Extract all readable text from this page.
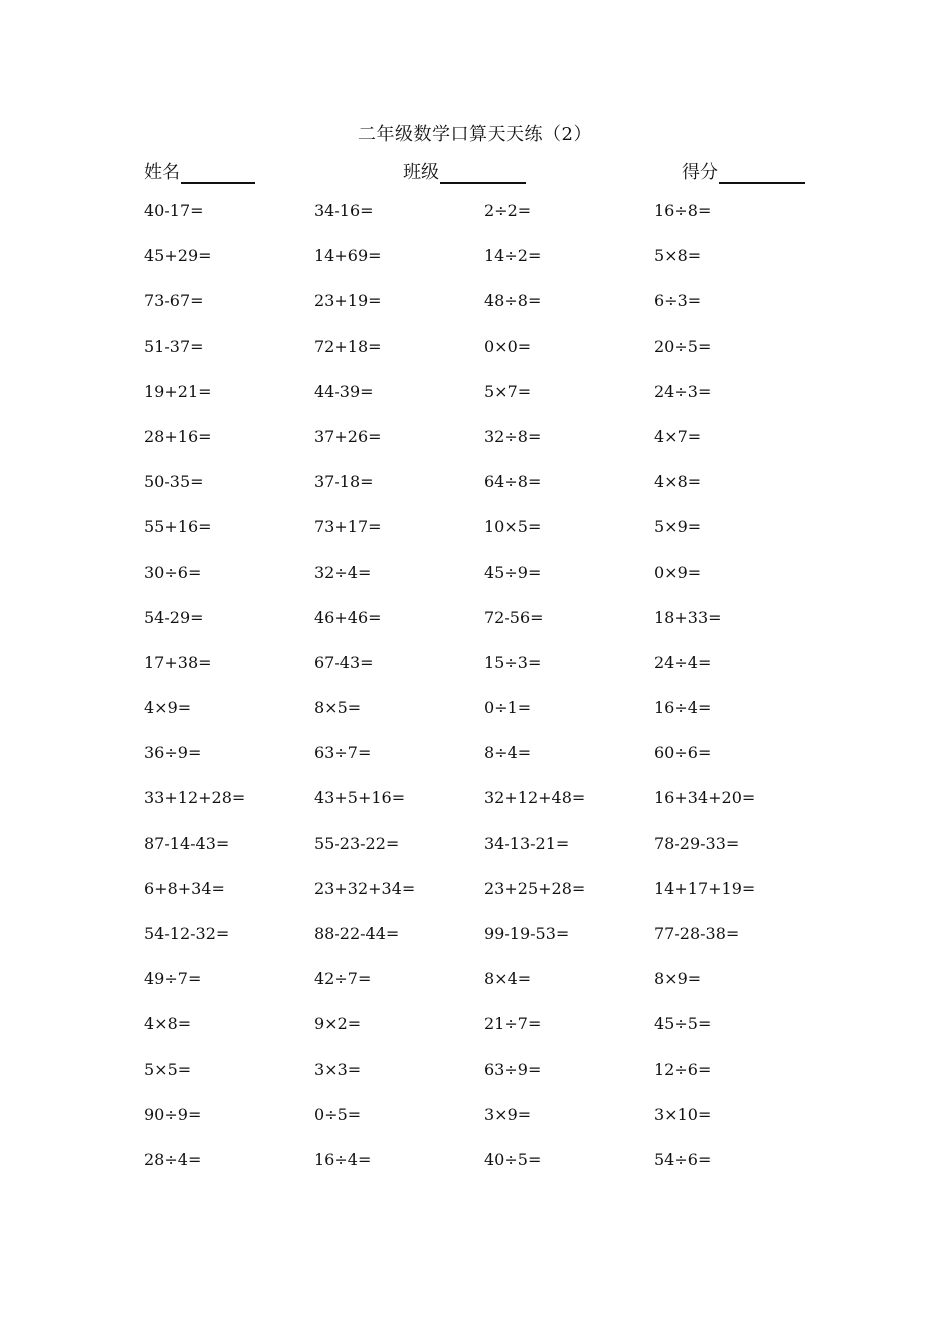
二年级数学口算天天练（2）
姓名	班级	得分
40-17=	34-16=	2÷2=	16÷8=
45+29=	14+69=	14÷2=	5×8=
73-67=	23+19=	48÷8=	6÷3=
51-37=	72+18=	0×0=	20÷5=
19+21=	44-39=	5×7=	24÷3=
28+16=	37+26=	32÷8=	4×7=
50-35=	37-18=	64÷8=	4×8=
55+16=	73+17=	10×5=	5×9=
30÷6=	32÷4=	45÷9=	0×9=
54-29=	46+46=	72-56=	18+33=
17+38=	67-43=	15÷3=	24÷4=
4×9=	8×5=	0÷1=	16÷4=
36÷9=	63÷7=	8÷4=	60÷6=
33+12+28=	43+5+16=	32+12+48=	16+34+20=
87-14-43=	55-23-22=	34-13-21=	78-29-33=
6+8+34=	23+32+34=	23+25+28=	14+17+19=
54-12-32=	88-22-44=	99-19-53=	77-28-38=
49÷7=	42÷7=	8×4=	8×9=
4×8=	9×2=	21÷7=	45÷5=
5×5=	3×3=	63÷9=	12÷6=
90÷9=	0÷5=	3×9=	3×10=
28÷4=	16÷4=	40÷5=	54÷6=
